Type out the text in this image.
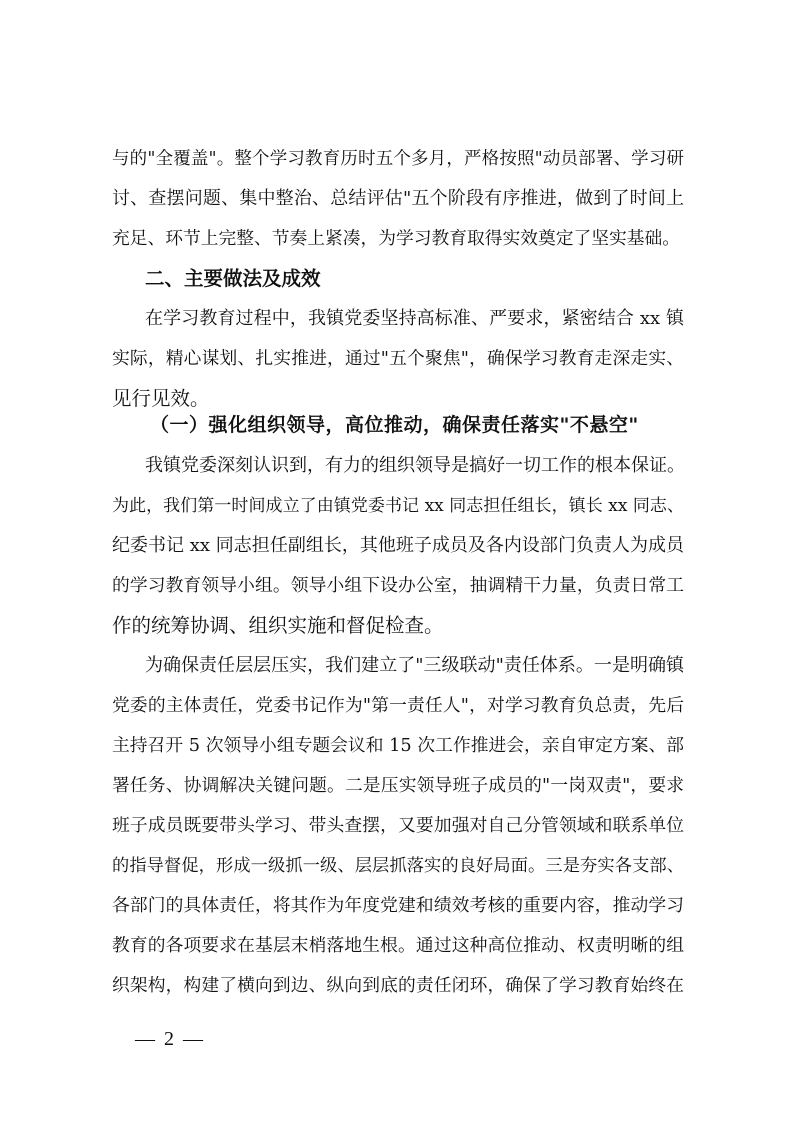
与的"全覆盖"。整个学习教育历时五个多月，严格按照"动员部署、学习研
讨、查摆问题、集中整治、总结评估"五个阶段有序推进，做到了时间上
充足、环节上完整、节奏上紧凑，为学习教育取得实效奠定了坚实基础。
二、主要做法及成效
在学习教育过程中，我镇党委坚持高标准、严要求，紧密结合 xx 镇
实际，精心谋划、扎实推进，通过"五个聚焦"，确保学习教育走深走实、
见行见效。
（一）强化组织领导，高位推动，确保责任落实"不悬空"
我镇党委深刻认识到，有力的组织领导是搞好一切工作的根本保证。
为此，我们第一时间成立了由镇党委书记 xx 同志担任组长，镇长 xx 同志、
纪委书记 xx 同志担任副组长，其他班子成员及各内设部门负责人为成员
的学习教育领导小组。领导小组下设办公室，抽调精干力量，负责日常工
作的统筹协调、组织实施和督促检查。
为确保责任层层压实，我们建立了"三级联动"责任体系。一是明确镇
党委的主体责任，党委书记作为"第一责任人"，对学习教育负总责，先后
主持召开 5 次领导小组专题会议和 15 次工作推进会，亲自审定方案、部
署任务、协调解决关键问题。二是压实领导班子成员的"一岗双责"，要求
班子成员既要带头学习、带头查摆，又要加强对自己分管领域和联系单位
的指导督促，形成一级抓一级、层层抓落实的良好局面。三是夯实各支部、
各部门的具体责任，将其作为年度党建和绩效考核的重要内容，推动学习
教育的各项要求在基层末梢落地生根。通过这种高位推动、权责明晰的组
织架构，构建了横向到边、纵向到底的责任闭环，确保了学习教育始终在
— 2 —
